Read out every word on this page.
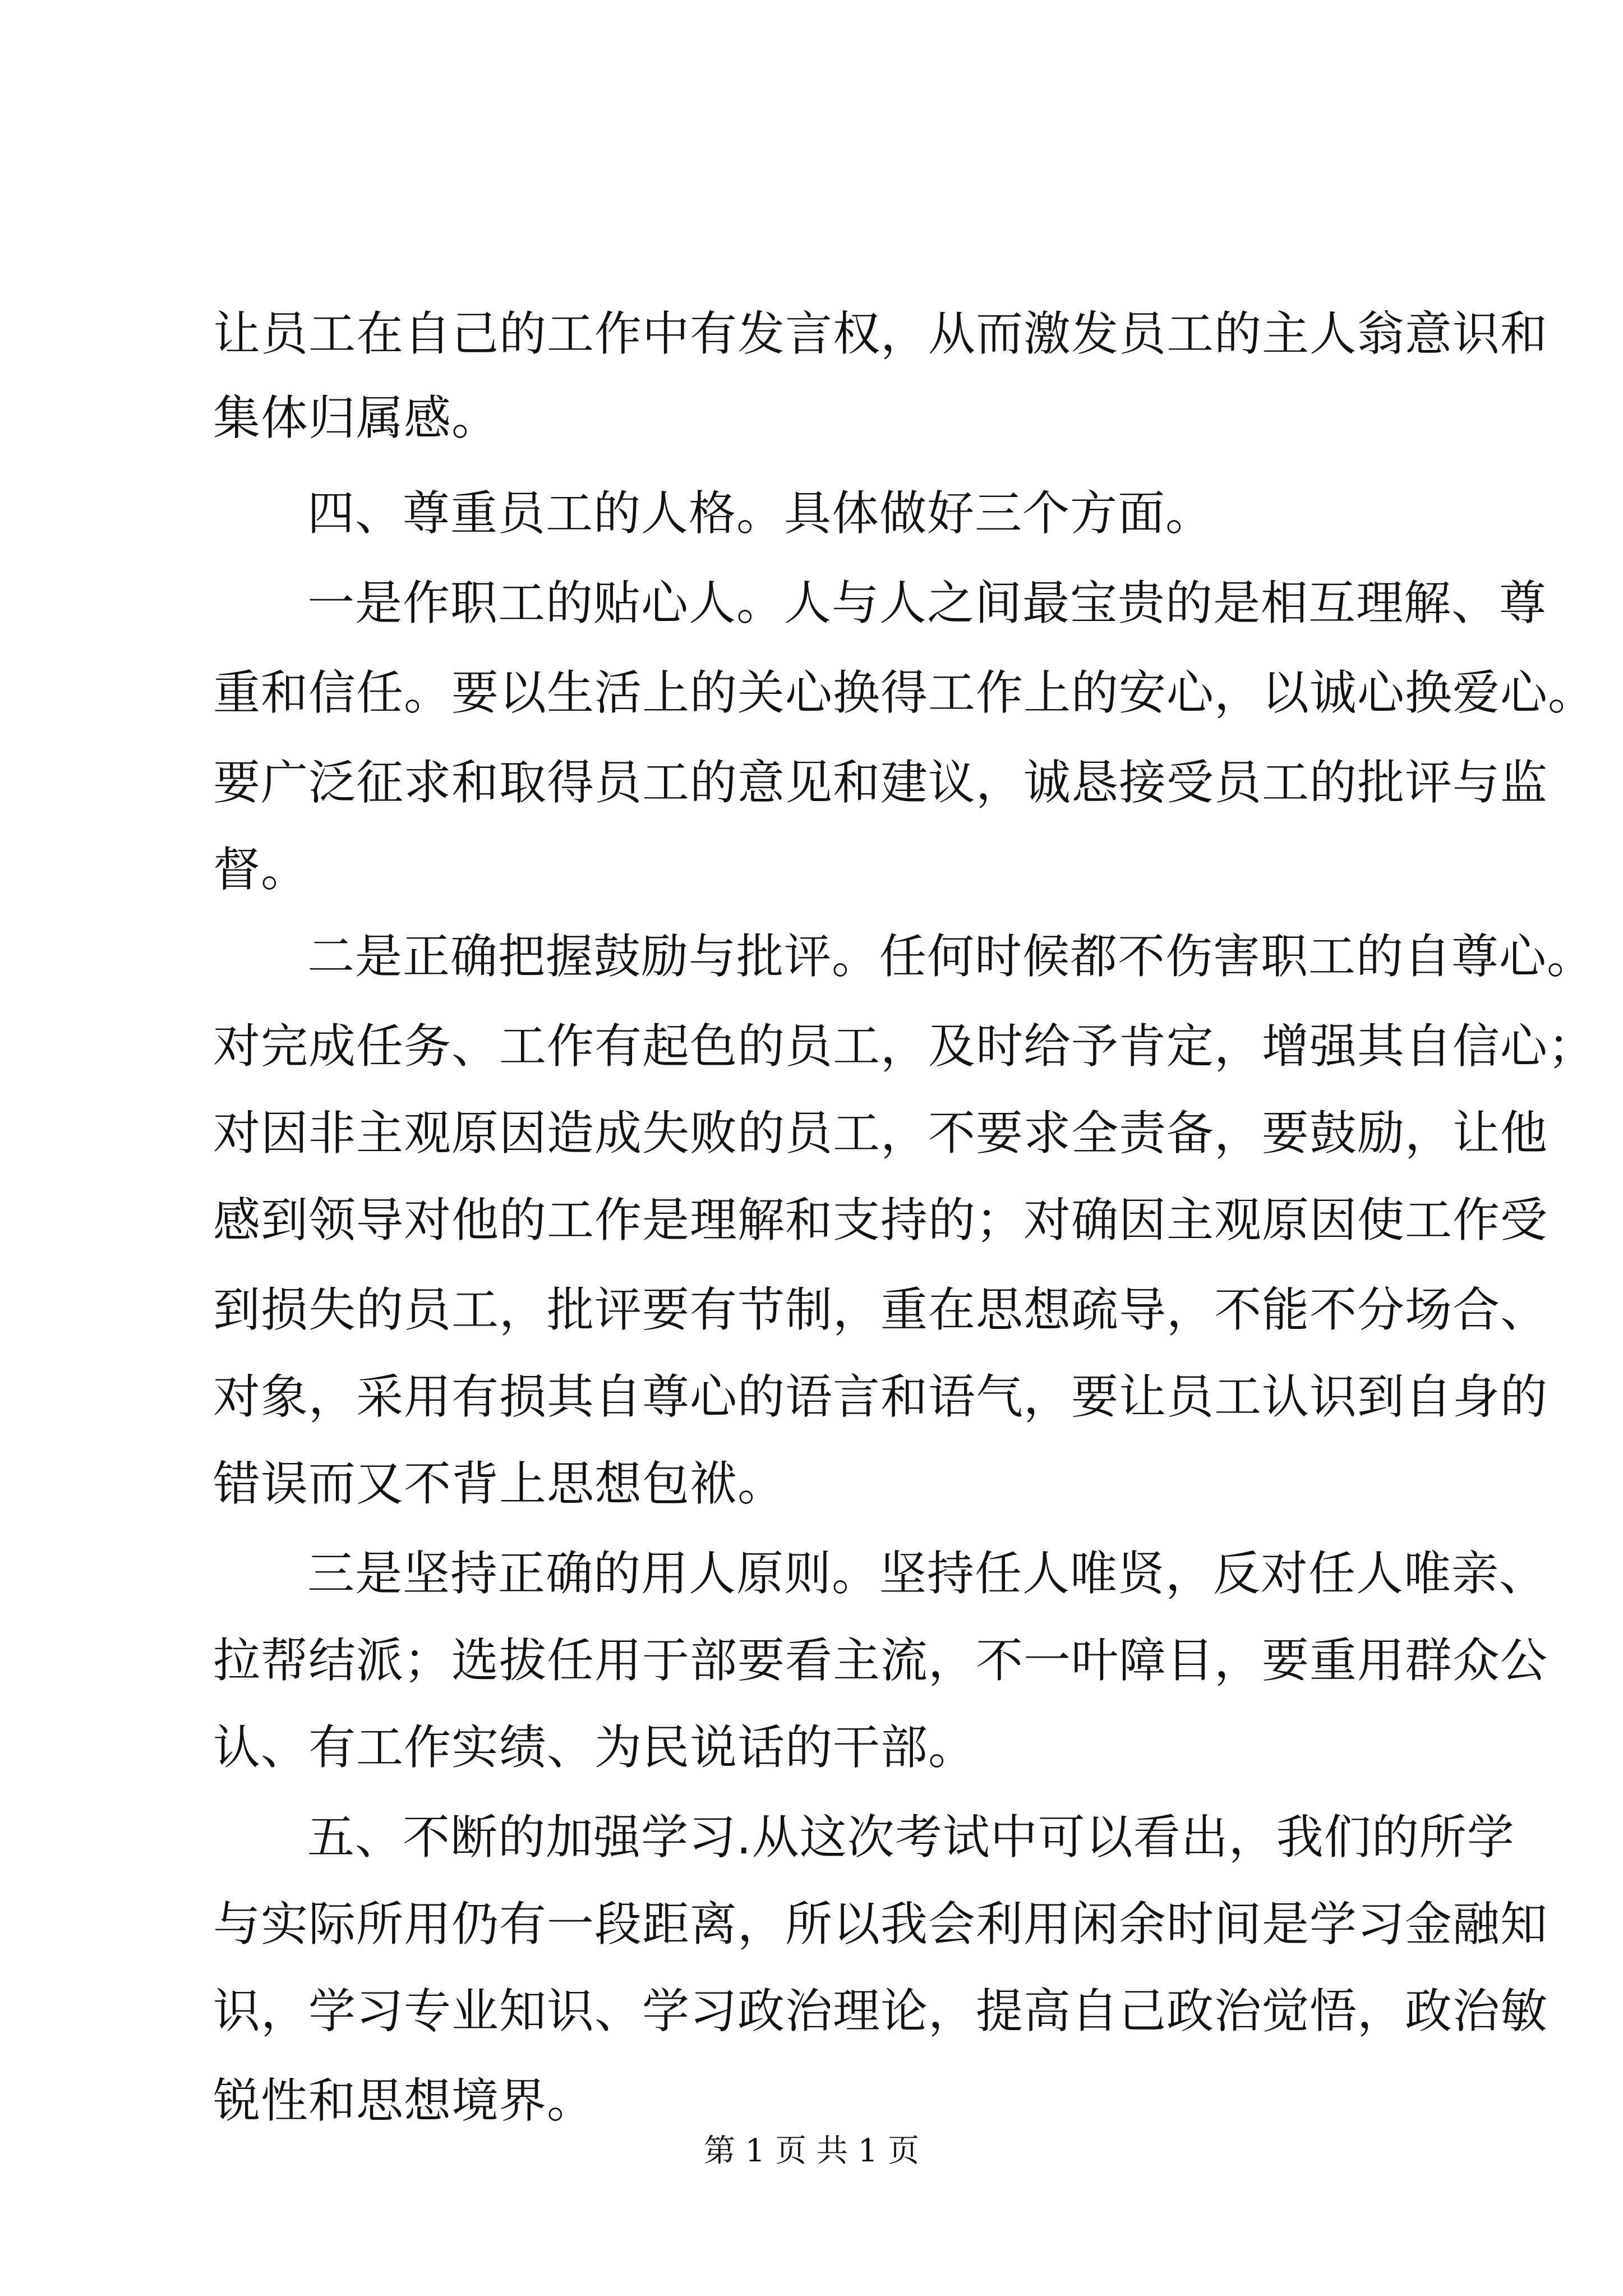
让员工在自己的工作中有发言权，从而激发员工的主人翁意识和
集体归属感。
四、尊重员工的人格。具体做好三个方面。
一是作职工的贴心人。人与人之间最宝贵的是相互理解、尊
重和信任。要以生活上的关心换得工作上的安心，以诚心换爱心。
要广泛征求和取得员工的意见和建议，诚恳接受员工的批评与监
督。
二是正确把握鼓励与批评。任何时候都不伤害职工的自尊心。
对完成任务、工作有起色的员工，及时给予肯定，增强其自信心；
对因非主观原因造成失败的员工，不要求全责备，要鼓励，让他
感到领导对他的工作是理解和支持的；对确因主观原因使工作受
到损失的员工，批评要有节制，重在思想疏导，不能不分场合、
对象，采用有损其自尊心的语言和语气，要让员工认识到自身的
错误而又不背上思想包袱。
三是坚持正确的用人原则。坚持任人唯贤，反对任人唯亲、
拉帮结派；选拔任用于部要看主流，不一叶障目，要重用群众公
认、有工作实绩、为民说话的干部。
五、不断的加强学习.从这次考试中可以看出，我们的所学
与实际所用仍有一段距离，所以我会利用闲余时间是学习金融知
识，学习专业知识、学习政治理论，提高自己政治觉悟，政治敏
锐性和思想境界。
第 1 页 共 1 页
